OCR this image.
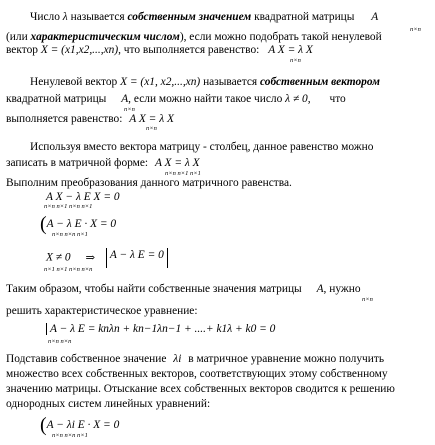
Число λ называется собственным значением квадратной матрицы A
n×n
(или характеристическим числом), если можно подобрать такой ненулевой
вектор X = (x1,x2,...,xn), что выполняется равенство: A X = λ X
n×n
Ненулевой вектор X = (x1, x2,...,xn) называется собственным вектором
квадратной матрицы A, если можно найти такое число λ ≠ 0, что
n×n
выполняется равенство: A X = λ X
n×n
Используя вместо вектора матрицу - столбец, данное равенство можно
записать в матричной форме: A X = λ X
n×n n×1 n×1
Выполним преобразования данного матричного равенства.
A X − λ E X = 0
n×n n×1 n×n n×1
(A − λ E · X = 0
n×n n×n n×1
X ≠ 0 ⇒ A − λ E = 0
n×1 n×1 n×n n×n
Таким образом, чтобы найти собственные значения матрицы A, нужно
n×n
решить характеристическое уравнение:
A − λ E = knλn + kn−1λn−1 + ....+ k1λ + k0 = 0
n×n n×n
Подставив собственное значение λi в матричное уравнение можно получить
множество всех собственных векторов, соответствующих этому собственному
значению матрицы. Отыскание всех собственных векторов сводится к решению
однородных систем линейных уравнений:
(A − λi E · X = 0
n×n n×n n×1
